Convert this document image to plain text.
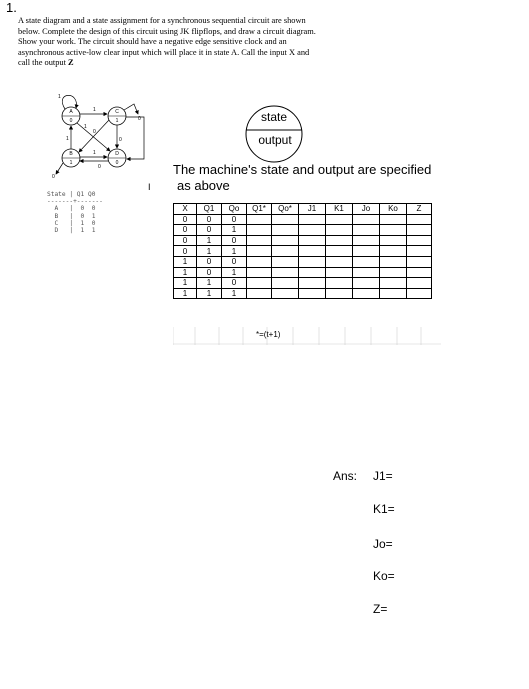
1.
A state diagram and a state assignment for a synchronous sequential circuit are shown
below. Complete the design of this circuit using JK flipflops, and draw a circuit diagram.
Show your work. The circuit should have a negative edge sensitive clock and an
asynchronous active-low clear input which will place it in state A. Call the input X and
call the output Z
A
0
C
1
B
1
D
0
1
1
0
0
1	0
1
0
0
1
State | Q1 Q0
-------+-------
A   |  0  0
B   |  0  1
C   |  1  0
D   |  1  1
state
output
The machine's state and output are specified
as above
I
X	Q1	Qo	Q1*	Qo*	J1	K1	Jo	Ko	Z
0	0	0							
0	0	1							
0	1	0							
0	1	1							
1	0	0							
1	0	1							
1	1	0							
1	1	1							
*=(t+1)
Ans: J1=
K1=
Jo=
Ko=
Z=
